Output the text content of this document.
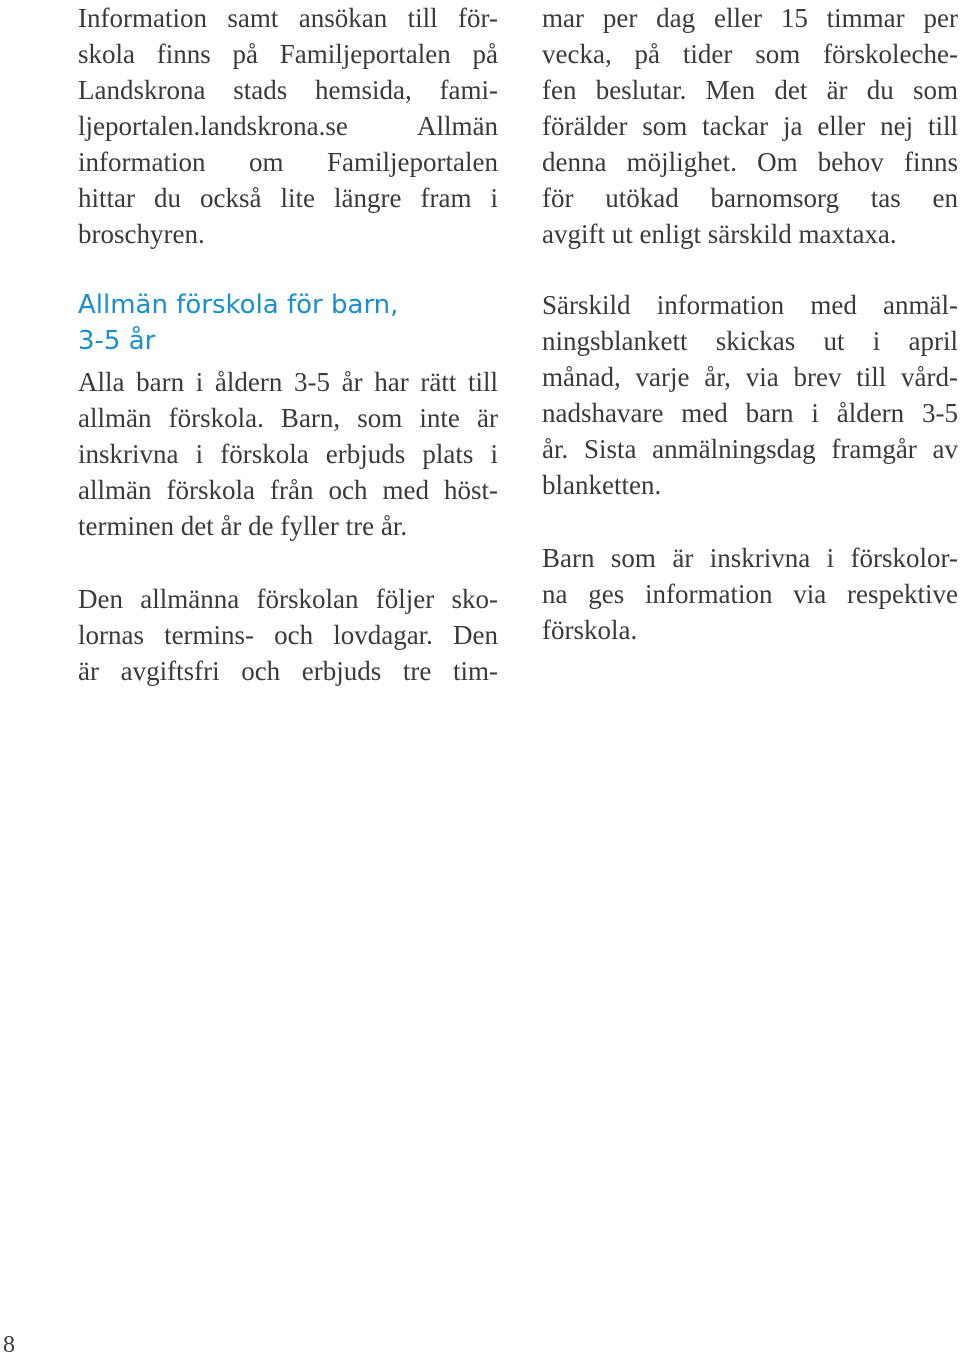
Information samt ansökan till för-
skola finns på Familjeportalen på
Landskrona stads hemsida, fami-
ljeportalen.landskrona.se Allmän
information om Familjeportalen
hittar du också lite längre fram i
broschyren.
Allmän förskola för barn,
3-5 år
Alla barn i åldern 3-5 år har rätt till
allmän förskola. Barn, som inte är
inskrivna i förskola erbjuds plats i
allmän förskola från och med höst-
terminen det år de fyller tre år.
Den allmänna förskolan följer sko-
lornas termins- och lovdagar. Den
är avgiftsfri och erbjuds tre tim-
mar per dag eller 15 timmar per
vecka, på tider som förskoleche-
fen beslutar. Men det är du som
förälder som tackar ja eller nej till
denna möjlighet. Om behov finns
för utökad barnomsorg tas en
avgift ut enligt särskild maxtaxa.
Särskild information med anmäl-
ningsblankett skickas ut i april
månad, varje år, via brev till vård-
nadshavare med barn i åldern 3-5
år. Sista anmälningsdag framgår av
blanketten.
Barn som är inskrivna i förskolor-
na ges information via respektive
förskola.
8
